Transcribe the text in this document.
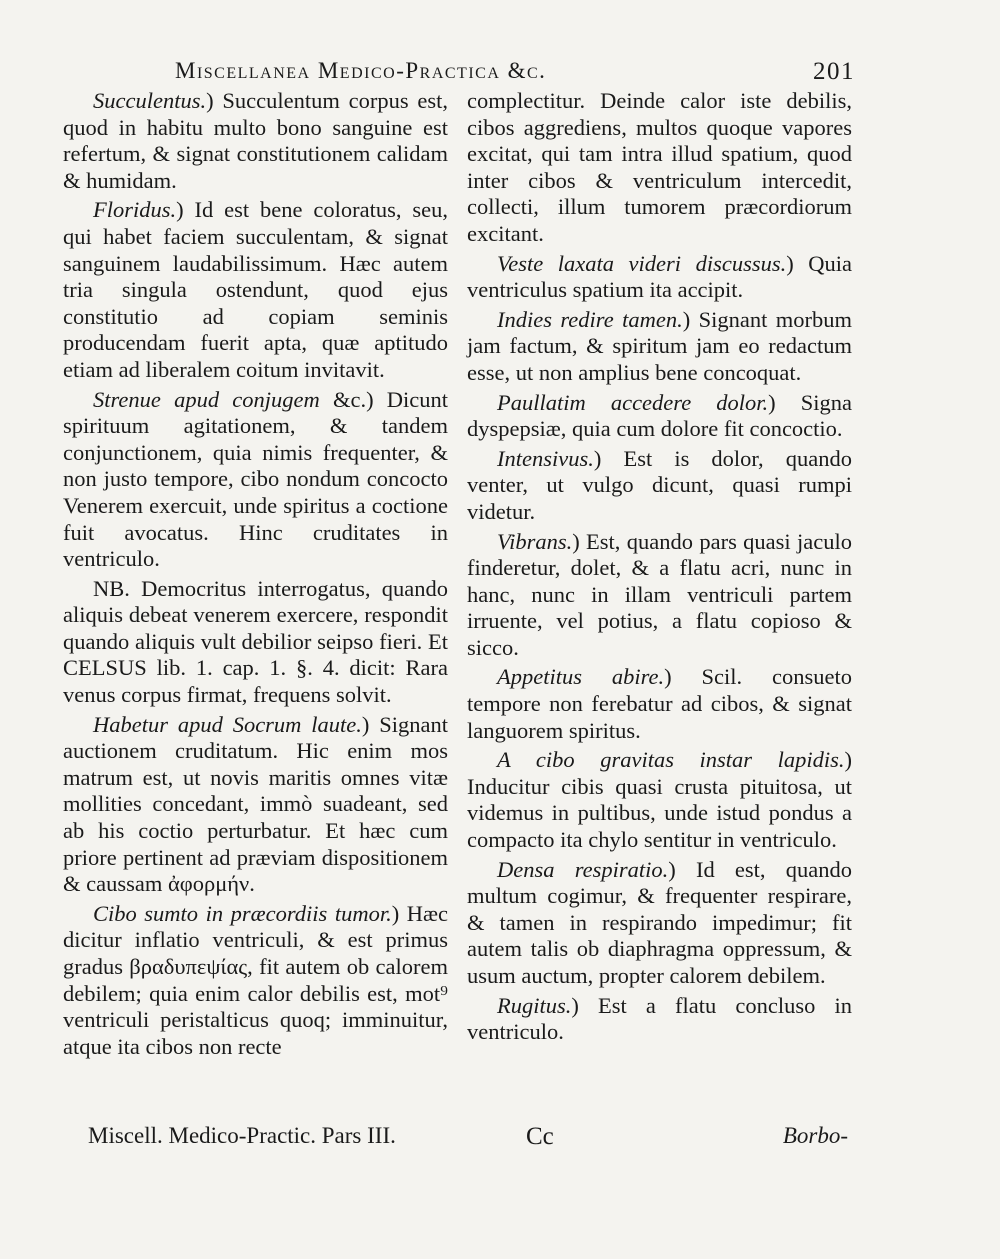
Miscellanea Medico-Practica &c.	201

Succulentus.) Succulentum corpus est, quod in habitu multo bono sanguine est refertum, & signat constitutionem calidam & humidam.

Floridus.) Id est bene coloratus, seu, qui habet faciem succulentam, & signat sanguinem laudabilissimum. Hæc autem tria singula ostendunt, quod ejus constitutio ad copiam seminis producendam fuerit apta, quæ aptitudo etiam ad liberalem coitum invitavit.

Strenue apud conjugem &c.) Dicunt spirituum agitationem, & tandem conjunctionem, quia nimis frequenter, & non justo tempore, cibo nondum concocto Venerem exercuit, unde spiritus a coctione fuit avocatus. Hinc cruditates in ventriculo.

NB. Democritus interrogatus, quando aliquis debeat venerem exercere, respondit quando aliquis vult debilior seipso fieri. Et CELSUS lib. 1. cap. 1. §. 4. dicit: Rara venus corpus firmat, frequens solvit.

Habetur apud Socrum laute.) Signant auctionem cruditatum. Hic enim mos matrum est, ut novis maritis omnes vitæ mollities concedant, immò suadeant, sed ab his coctio perturbatur. Et hæc cum priore pertinent ad præviam dispositionem & caussam ἀφορμήν.

Cibo sumto in præcordiis tumor.) Hæc dicitur inflatio ventriculi, & est primus gradus βραδυπεψίας, fit autem ob calorem debilem; quia enim calor debilis est, mot⁹ ventriculi peristalticus quoq; imminuitur, atque ita cibos non recte

complectitur. Deinde calor iste debilis, cibos aggrediens, multos quoque vapores excitat, qui tam intra illud spatium, quod inter cibos & ventriculum intercedit, collecti, illum tumorem præcordiorum excitant.

Veste laxata videri discussus.) Quia ventriculus spatium ita accipit.

Indies redire tamen.) Signant morbum jam factum, & spiritum jam eo redactum esse, ut non amplius bene concoquat.

Paullatim accedere dolor.) Signa dyspepsiæ, quia cum dolore fit concoctio.

Intensivus.) Est is dolor, quando venter, ut vulgo dicunt, quasi rumpi videtur.

Vibrans.) Est, quando pars quasi jaculo finderetur, dolet, & a flatu acri, nunc in hanc, nunc in illam ventriculi partem irruente, vel potius, a flatu copioso & sicco.

Appetitus abire.) Scil. consueto tempore non ferebatur ad cibos, & signat languorem spiritus.

A cibo gravitas instar lapidis.) Inducitur cibis quasi crusta pituitosa, ut videmus in pultibus, unde istud pondus a compacto ita chylo sentitur in ventriculo.

Densa respiratio.) Id est, quando multum cogimur, & frequenter respirare, & tamen in respirando impedimur; fit autem talis ob diaphragma oppressum, & usum auctum, propter calorem debilem.

Rugitus.) Est a flatu concluso in ventriculo.

Miscell. Medico-Practic. Pars III.	Cc	Borbo-
